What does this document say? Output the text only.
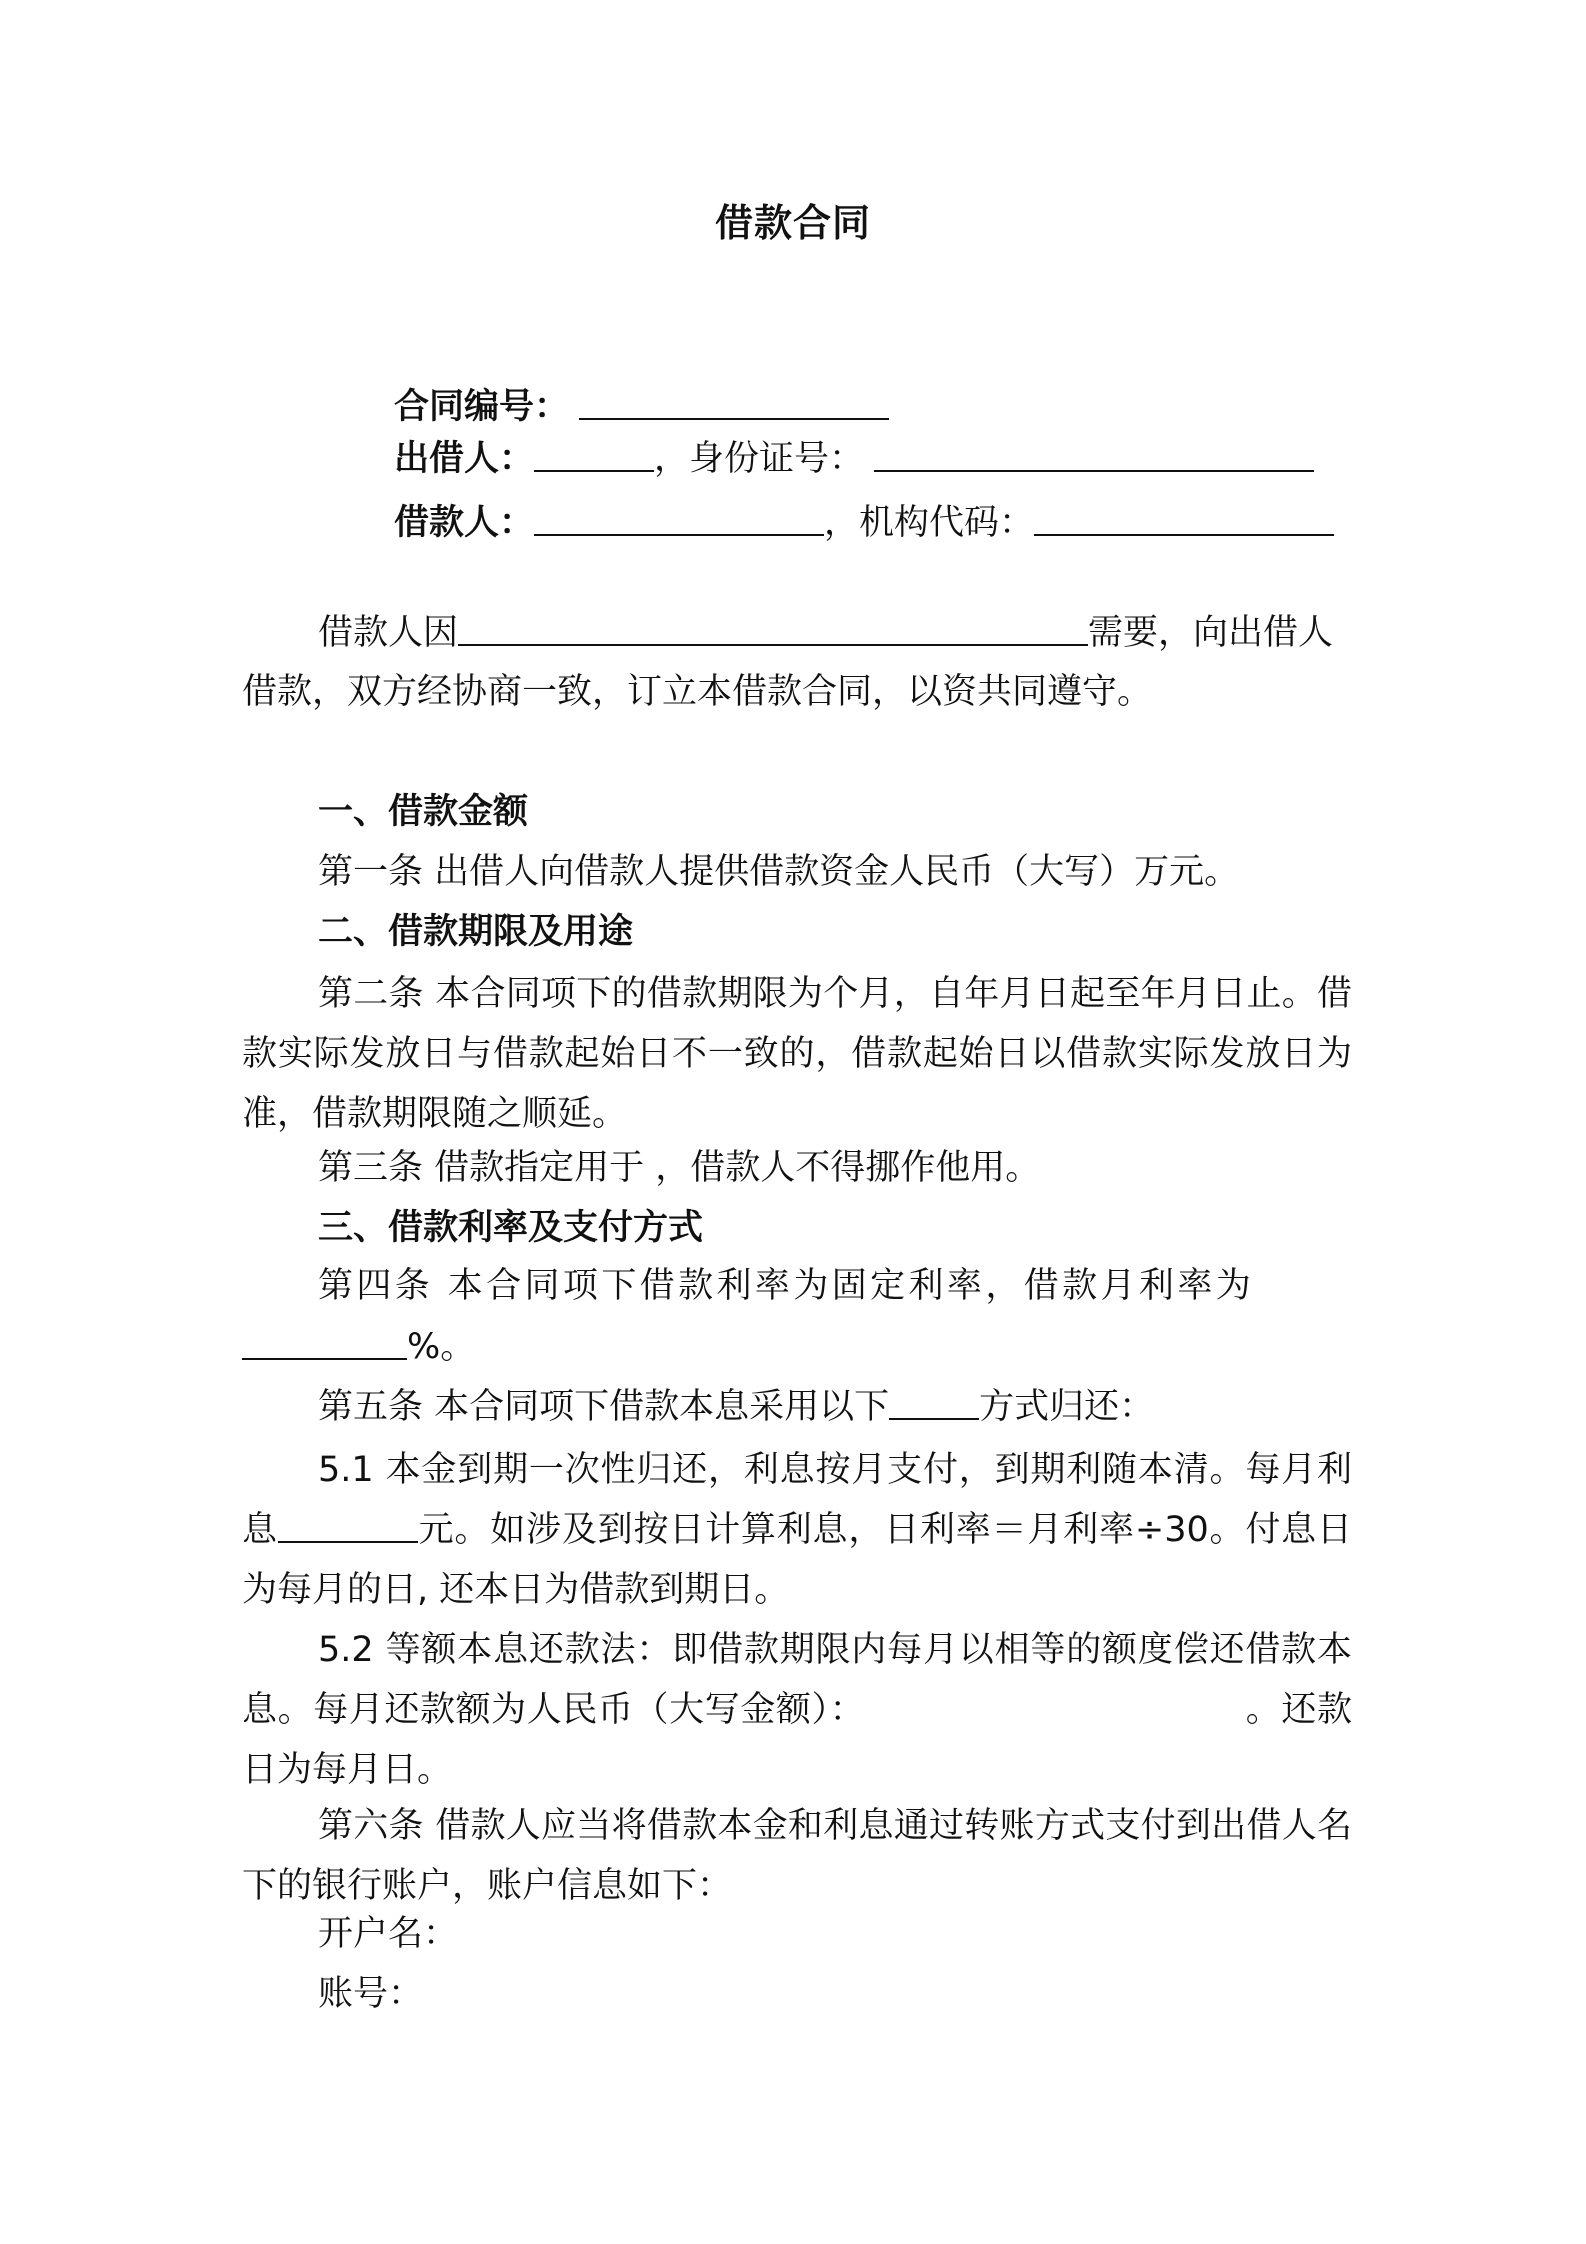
借款合同
合同编号：
出借人：	，身份证号：
借款人：	，机构代码：
借款人因	需要，向出借人
借款，双方经协商一致，订立本借款合同，以资共同遵守。
一、借款金额
第一条 出借人向借款人提供借款资金人民币（大写）万元。
二、借款期限及用途
第二条 本合同项下的借款期限为个月，自年月日起至年月日止。借款实际发放日与借款起始日不一致的，借款起始日以借款实际发放日为准，借款期限随之顺延。
第三条 借款指定用于 ，借款人不得挪作他用。
三、借款利率及支付方式
第四条 本合同项下借款利率为固定利率，借款月利率为
%。
第五条 本合同项下借款本息采用以下	方式归还：
5.1 本金到期一次性归还，利息按月支付，到期利随本清。每月利息	元。如涉及到按日计算利息，日利率＝月利率÷30。付息日为每月的日, 还本日为借款到期日。
5.2 等额本息还款法：即借款期限内每月以相等的额度偿还借款本息。每月还款额为人民币（大写金额）：	。还款日为每月日。
第六条 借款人应当将借款本金和利息通过转账方式支付到出借人名下的银行账户，账户信息如下：
开户名：
账号：
